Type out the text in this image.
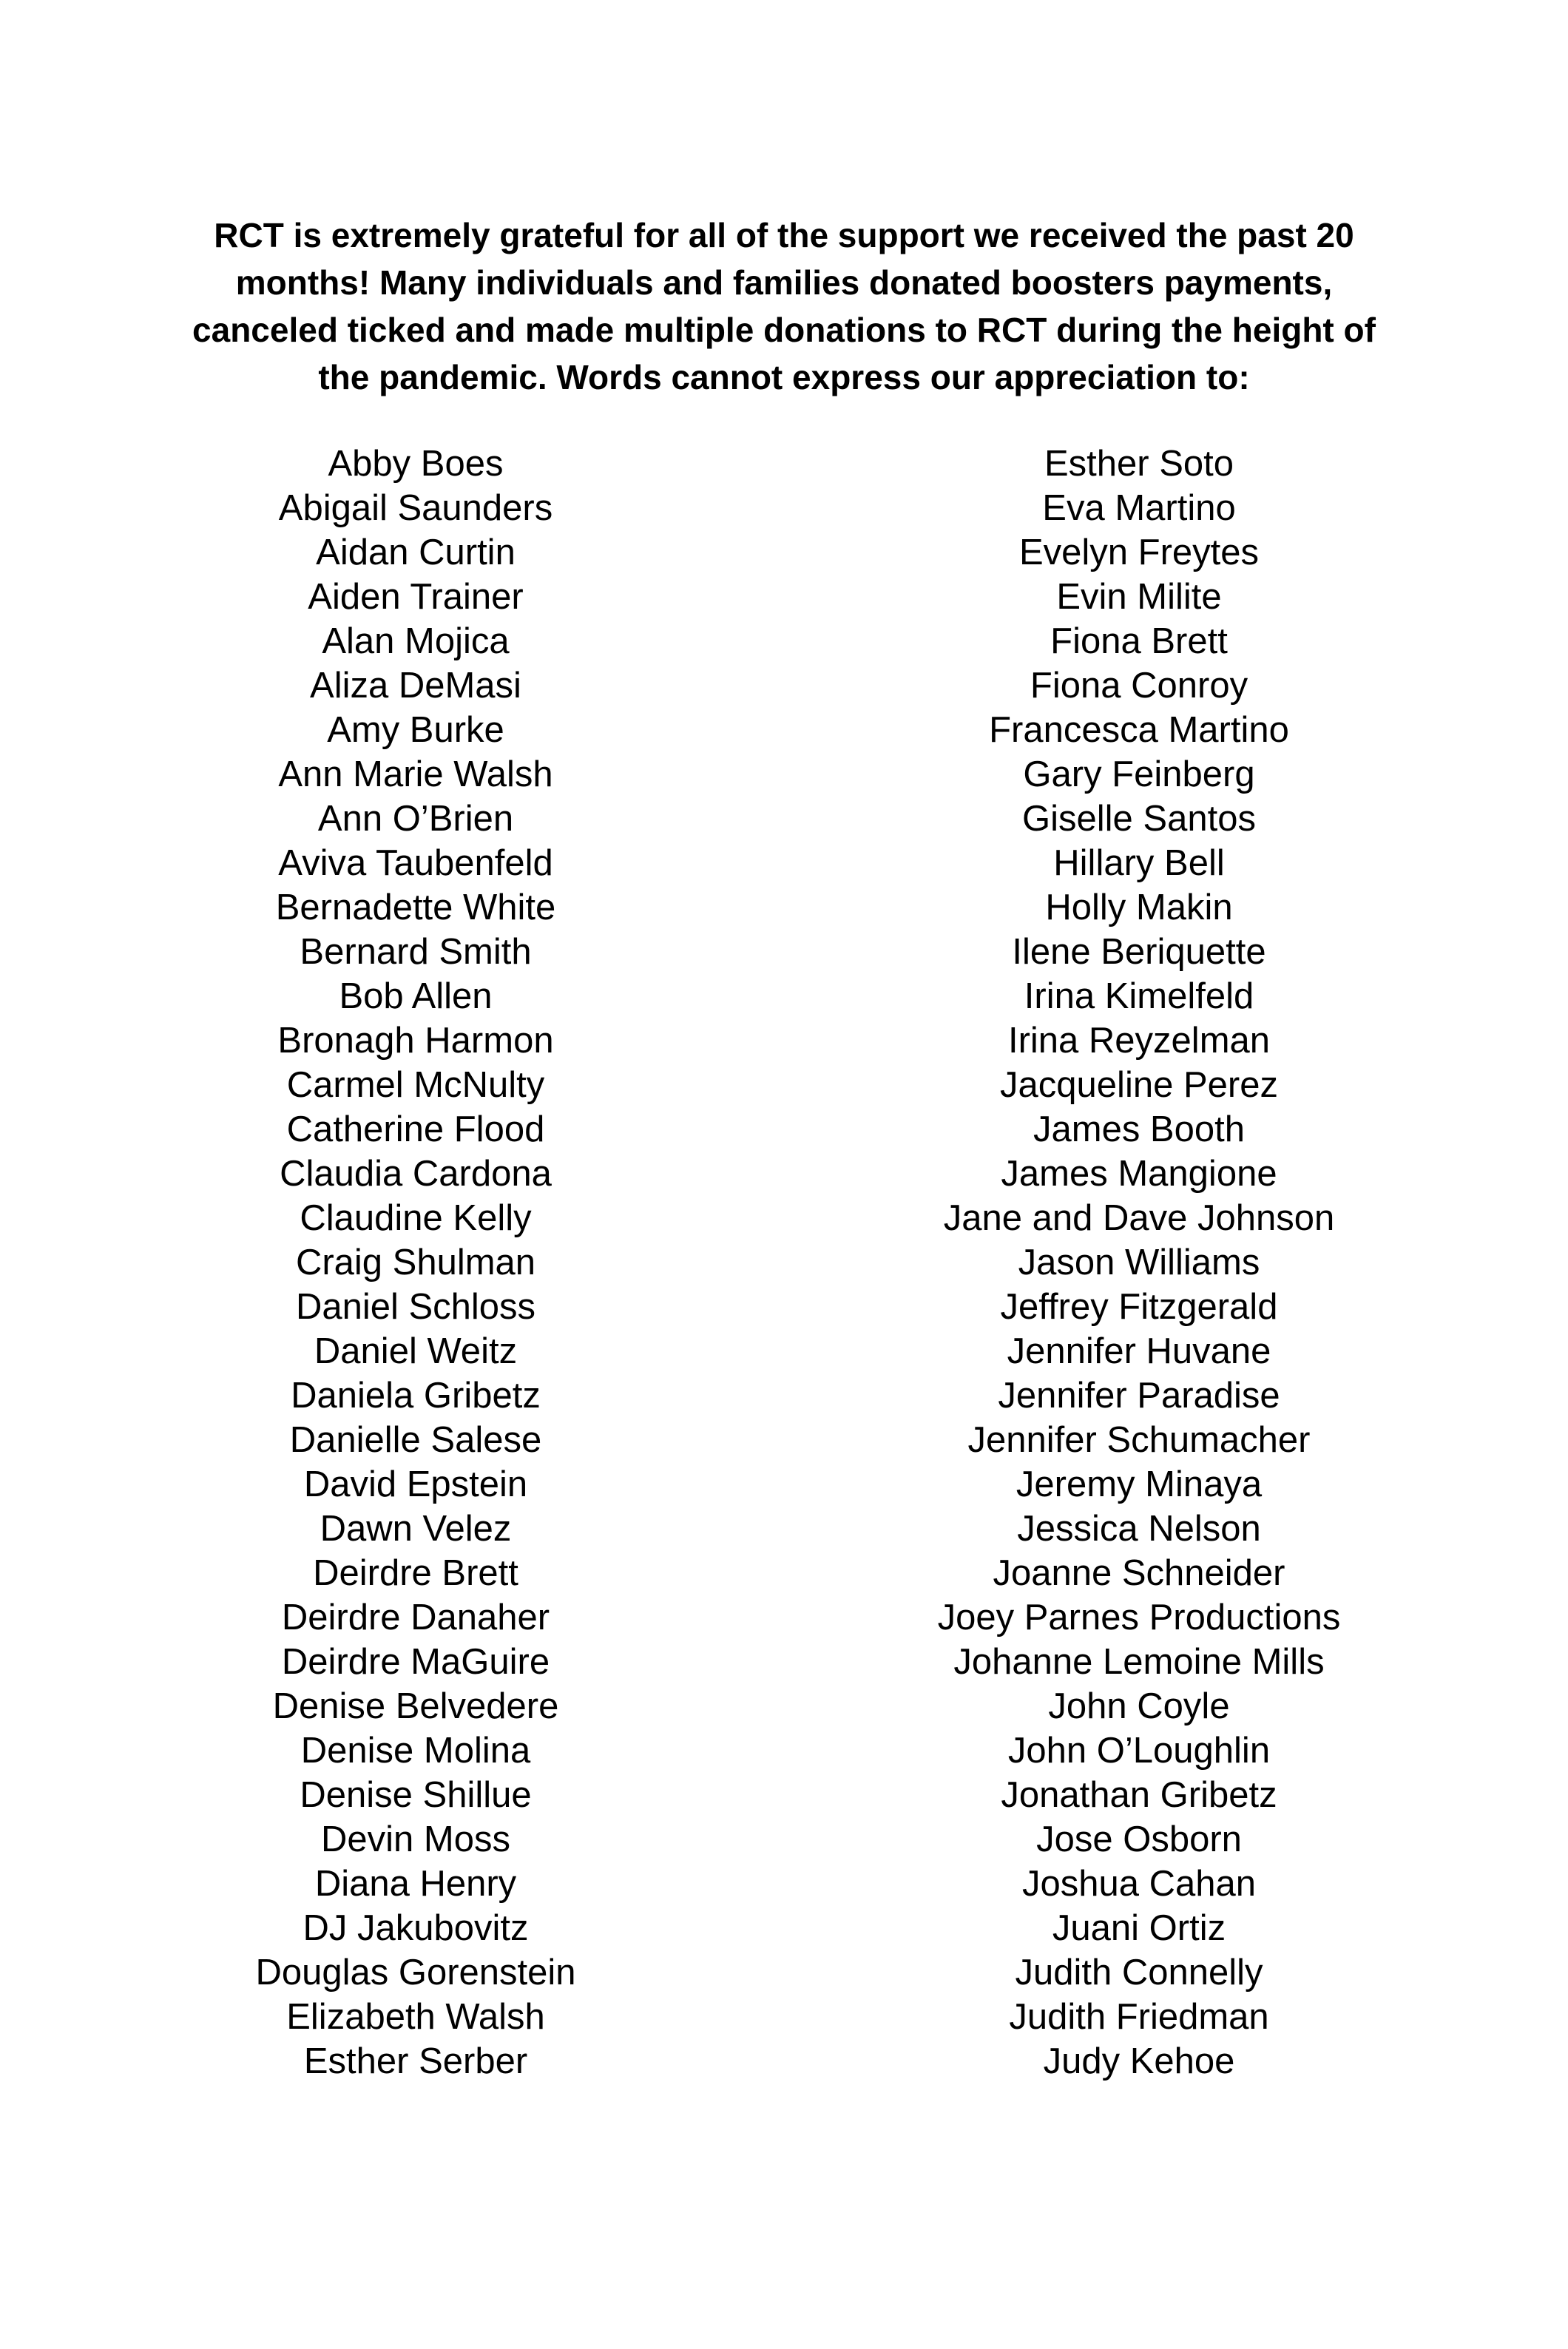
RCT is extremely grateful for all of the support we received the past 20
months! Many individuals and families donated boosters payments,
canceled ticked and made multiple donations to RCT during the height of
the pandemic. Words cannot express our appreciation to:

Abby Boes
Abigail Saunders
Aidan Curtin
Aiden Trainer
Alan Mojica
Aliza DeMasi
Amy Burke
Ann Marie Walsh
Ann O’Brien
Aviva Taubenfeld
Bernadette White
Bernard Smith
Bob Allen
Bronagh Harmon
Carmel McNulty
Catherine Flood
Claudia Cardona
Claudine Kelly
Craig Shulman
Daniel Schloss
Daniel Weitz
Daniela Gribetz
Danielle Salese
David Epstein
Dawn Velez
Deirdre Brett
Deirdre Danaher
Deirdre MaGuire
Denise Belvedere
Denise Molina
Denise Shillue
Devin Moss
Diana Henry
DJ Jakubovitz
Douglas Gorenstein
Elizabeth Walsh
Esther Serber
Esther Soto
Eva Martino
Evelyn Freytes
Evin Milite
Fiona Brett
Fiona Conroy
Francesca Martino
Gary Feinberg
Giselle Santos
Hillary Bell
Holly Makin
Ilene Beriquette
Irina Kimelfeld
Irina Reyzelman
Jacqueline Perez
James Booth
James Mangione
Jane and Dave Johnson
Jason Williams
Jeffrey Fitzgerald
Jennifer Huvane
Jennifer Paradise
Jennifer Schumacher
Jeremy Minaya
Jessica Nelson
Joanne Schneider
Joey Parnes Productions
Johanne Lemoine Mills
John Coyle
John O’Loughlin
Jonathan Gribetz
Jose Osborn
Joshua Cahan
Juani Ortiz
Judith Connelly
Judith Friedman
Judy Kehoe
